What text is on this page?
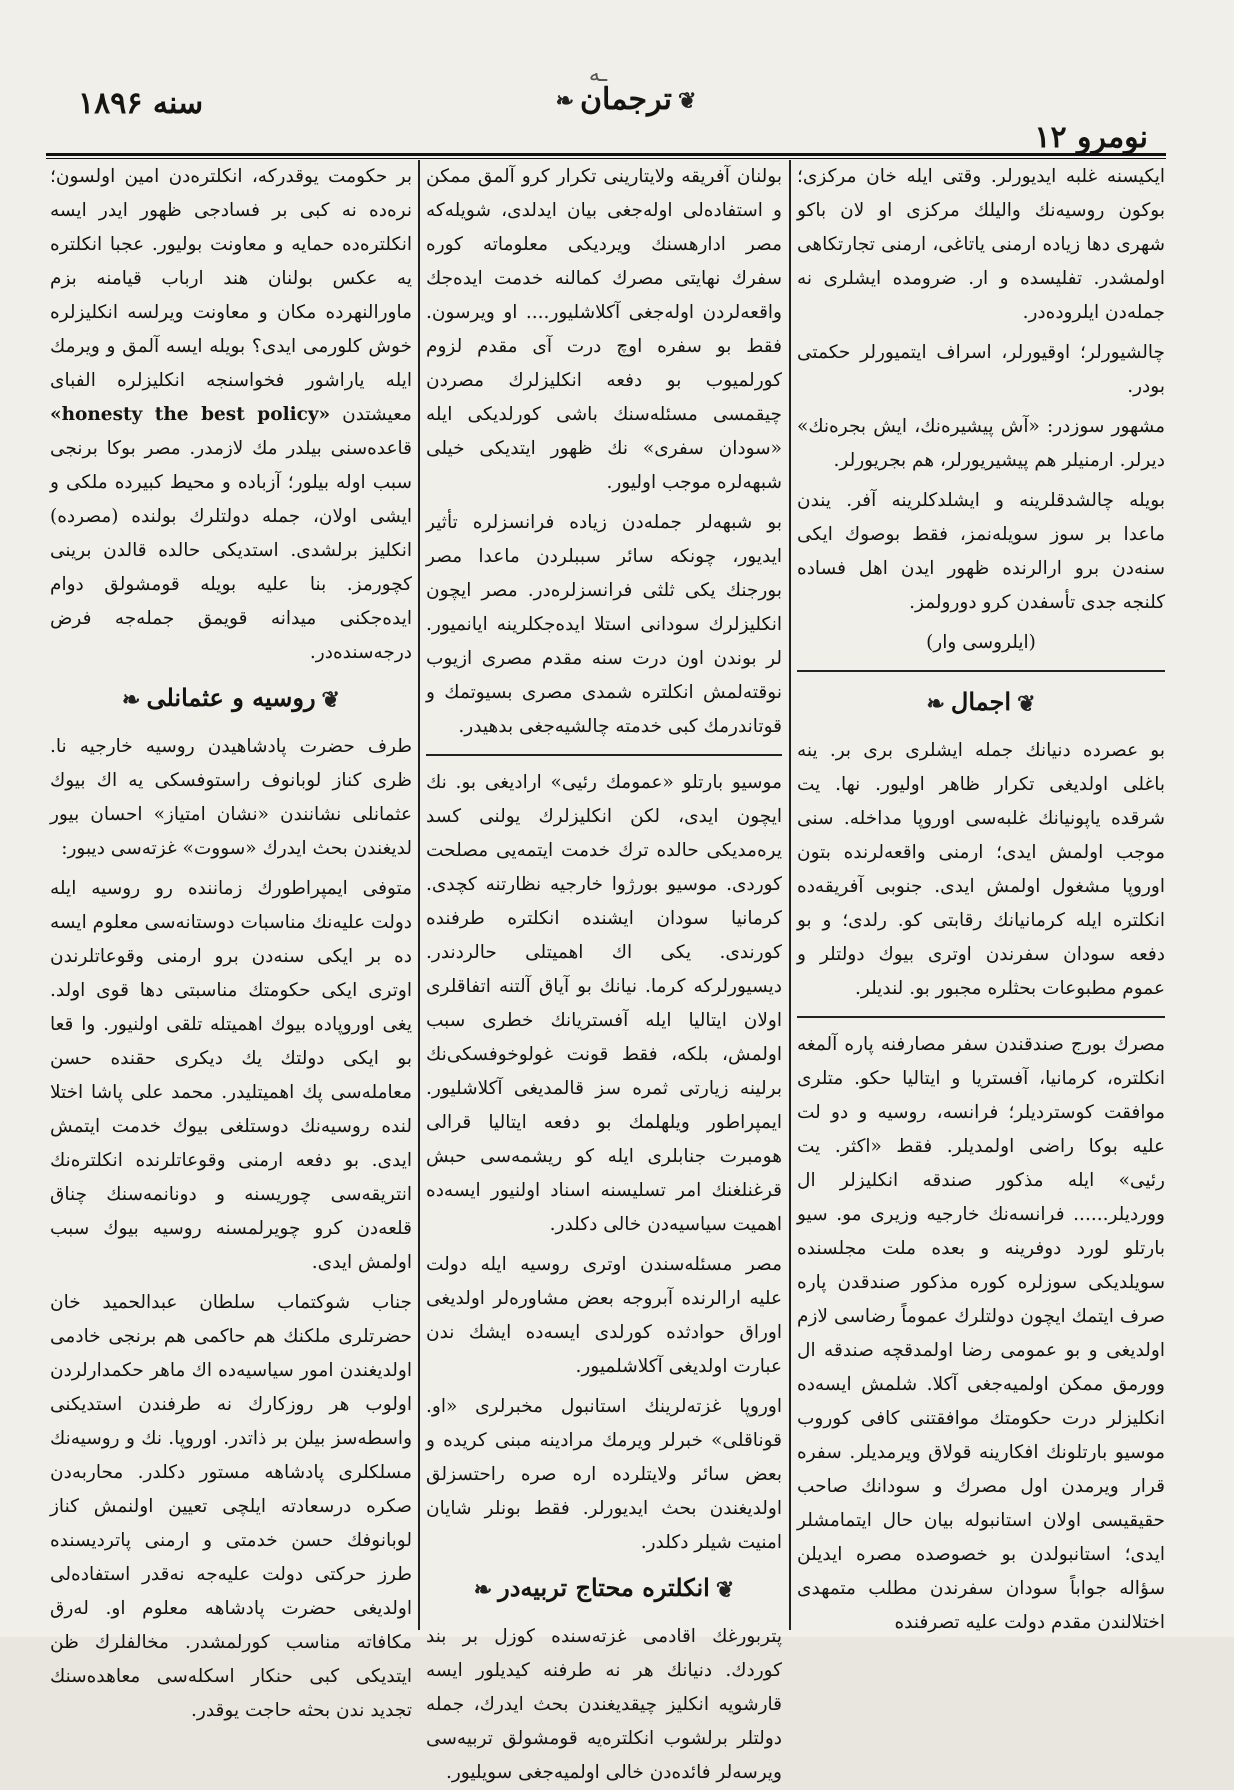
ـه
سنه ۱۸۹۶	❦ترجمان❧
نومرو ۱۲

ایکیسنه غلبه ایدیورلر. وقتی ایله خان مرکزی؛ بوکون روسیه‌نك والیلك مرکزی او لان باکو شهری دها زیاده ارمنی یاتاغی، ارمنی تجارتکاهی اولمشدر. تفلیسده و ار. ضرومده ایشلری نه جمله‌دن ایلرو‌ده‌در.

چالشیورلر؛ اوقیورلر، اسراف ایتمیورلر حکمتی بودر.

مشهور سوزدر: «آش پیشیره‌نك، ایش بجره‌نك» دیرلر. ارمنیلر هم پیشیریورلر، هم بجریورلر.

بویله چالشدقلرینه و ایشلدکلرینه آفر. یندن ماعدا بر سوز سویله‌نمز، فقط بوصوك ایکی سنه‌دن برو ارالرنده ظهور ایدن اهل فساده کلنجه جدی تأسفدن کرو دورولمز.

(ایلروسی وار)
❦اجمال❧

بو عصرده دنیانك جمله ایشلری بری بر. ینه باغلی اولدیغی تکرار ظاهر اولیور. نها. یت شرقده یاپونیانك غلبه‌سی اوروپا مداخله. سنی موجب اولمش ایدی؛ ارمنی واقعه‌لرنده بتون اوروپا مشغول اولمش ایدی. جنوبی آفریقه‌ده انکلتره ایله کرمانیانك رقابتی کو. رلدی؛ و بو دفعه سودان سفرندن اوتری بیوك دولتلر و عموم مطبوعات بحثلره مجبور بو. لندیلر.

مصرك بورج صندقندن سفر مصارفنه پاره آلمغه انکلتره، کرمانیا، آفستریا و ایتالیا حکو. متلری موافقت کوستردیلر؛ فرانسه، روسیه و دو لت علیه بوکا راضی اولمدیلر. فقط «اکثر. یت رئیی» ایله مذکور صندقه انکلیزلر ال ووردیلر...... فرانسه‌نك خارجیه وزیری مو. سیو بارتلو لورد دوفرینه و بعده ملت مجلسنده سویلدیکی سوزلره کوره مذکور صندقدن پاره صرف ایتمك ایچون دولتلرك عموماً رضاسی لازم اولدیغی و بو عمومی رضا اولمدقچه صندقه ال وورمق ممکن اولمیه‌جغی آکلا. شلمش ایسه‌ده انکلیزلر درت حکومتك موافقتنی کافی کوروب موسیو بارتلونك افکارینه قولاق ویرمدیلر. سفره قرار ویرمدن اول مصرك و سودانك صاحب حقیقیسی اولان استانبوله بیان حال ایتمامشلر ایدی؛ استانبولدن بو خصوصده مصره ایدیلن سؤاله جواباً سودان سفرندن مطلب متمهدی اختلالندن مقدم دولت علیه تصرفنده

بولنان آفریقه ولایتارینی تکرار کرو آلمق ممکن و استفاده‌لی اوله‌جغی بیان ایدلدی، شویله‌که مصر ادارهسنك ویردیکی معلوماته کوره سفرك نهایتی مصرك کمالنه خدمت ایده‌جك واقعه‌لردن اوله‌جغی آکلاشلیور.... او ویرسون. فقط بو سفره اوچ درت آی مقدم لزوم کورلمیوب بو دفعه انکلیزلرك مصردن چیقمسی مسئله‌سنك باشی کورلدیکی ایله «سودان سفری» نك ظهور ایتدیکی خیلی شبهه‌لره موجب اولیور.

بو شبهه‌لر جمله‌دن زیاده فرانسزلره تأثیر ایدیور، چونکه سائر سببلردن ماعدا مصر بورجنك یکی ثلثی فرانسزلره‌در. مصر ایچون انکلیزلرك سودانی استلا ایده‌جکلرینه ایانمیور. لر بوندن اون درت سنه مقدم مصری ازیوب نوقته‌لمش انکلتره شمدی مصری بسیوتمك و قوتاندرمك کبی خدمته چالشیه‌جغی بدهیدر.

موسیو بارتلو «عمومك رئیی» ارادیغی بو. نك ایچون ایدی، لکن انکلیزلرك یولنی کسد یره‌مدیکی حالده ترك خدمت ایتمه‌یی مصلحت کوردی. موسیو بورژوا خارجیه نظارتنه کچدی. کرمانیا سودان ایشنده انکلتره طرفنده کورندی. یکی اك اهمیتلی حالردندر. دیسیورلرکه کرما. نیانك بو آیاق آلتنه اتفاقلری اولان ایتالیا ایله آفستریانك خطری سبب اولمش، بلکه، فقط قونت غولوخوفسکی‌نك برلینه زیارتی ثمره سز قالمدیغی آکلاشلیور. ایمپراطور ویلهلمك بو دفعه ایتالیا قرالی هومبرت جنابلری ایله کو ریشمه‌سی حبش قرغنلغنك امر تسلیسنه اسناد اولنیور ایسه‌ده اهمیت سیاسیه‌دن خالی دکلدر.

مصر مسئله‌سندن اوتری روسیه ایله دولت علیه ارالرنده آبروجه بعض مشاوره‌لر اولدیغی اوراق حوادثده کورلدی ایسه‌ده ایشك ندن عبارت اولدیغی آکلاشلمیور.

اوروپا غزته‌لرینك استانبول مخبرلری «او. قوناقلی» خبرلر ویرمك مرادینه مبنی کریده و بعض سائر ولایتلرده اره صره راحتسزلق اولدیغندن بحث ایدیورلر. فقط بونلر شایان امنیت شیلر دکلدر.

❦انکلتره محتاج تربیه‌در❧

پتربورغك اقادمی غزته‌سنده کوزل بر بند کوردك. دنیانك هر نه طرفنه کیدیلور ایسه قارشویه انکلیز چیقدیغندن بحث ایدرك، جمله دولتلر برلشوب انکلتره‌یه قومشولق تربیه‌سی ویرسه‌لر فائده‌دن خالی اولمیه‌جغی سویلیور.

بر حکومت یوقدرکه، انکلتره‌دن امین اولسون؛ نره‌ده نه کبی بر فسادجی ظهور ایدر ایسه انکلتره‌ده حمایه و معاونت بولیور. عجبا انکلتره یه عکس بولنان هند ارباب قیامنه بزم ماورالنهرده مکان و معاونت ویرلسه انکلیزلره خوش کلورمی ایدی؟ بویله ایسه آلمق و ویرمك ایله یاراشور فخواسنجه انکلیزلره الفبای معیشتدن «honesty the best policy» قاعده‌سنی بیلدر مك لازمدر. مصر بوکا برنجی سبب اوله بیلور؛ آزباده و محیط کبیرده ملکی و ایشی اولان، جمله دولتلرك بولنده (مصرده) انکلیز برلشدی. استدیکی حالده قالدن برینی کچورمز. بنا علیه بویله قومشولق دوام ایده‌جکنی میدانه قویمق جمله‌جه فرض درجه‌سنده‌در.

❦روسیه و عثمانلی❧

طرف حضرت پادشاهیدن روسیه خارجیه نا. ظری کناز لوبانوف راستوفسکی یه اك بیوك عثمانلی نشانندن «نشان امتیاز» احسان بیور لدیغندن بحث ایدرك «سووت» غزته‌سی دیبور:

متوفی ایمپراطورك زماننده رو روسیه ایله دولت علیه‌نك مناسبات دوستانه‌سی معلوم ایسه ده بر ایکی سنه‌دن برو ارمنی وقوعاتلرندن اوتری ایکی حکومتك مناسبتی دها قوی اولد. یغی اوروپاده بیوك اهمیتله تلقی اولنیور. وا قعا بو ایکی دولتك یك دیکری حقنده حسن معامله‌سی پك اهمیتلیدر. محمد علی پاشا اختلا لنده روسیه‌نك دوستلغی بیوك خدمت ایتمش ایدی. بو دفعه ارمنی وقوعاتلرنده انکلتره‌نك انتریقه‌سی چوریسنه و دونانمه‌سنك چناق قلعه‌دن کرو چویرلمسنه روسیه بیوك سبب اولمش ایدی.

جناب شوکتماب سلطان عبدالحمید خان حضرتلری ملکنك هم حاکمی هم برنجی خادمی اولدیغندن امور سیاسیه‌ده اك ماهر حکمدارلردن اولوب هر روزکارك نه طرفندن استدیکنی واسطه‌سز بیلن بر ذاتدر. اوروپا. نك و روسیه‌نك مسلکلری پادشاهه مستور دکلدر. محاربه‌دن صکره درسعادته ایلچی تعیین اولنمش کناز لوبانوفك حسن خدمتی و ارمنی پاتردیسنده طرز حرکتی دولت علیه‌جه نه‌قدر استفاده‌لی اولدیغی حضرت پادشاهه معلوم او. له‌رق مکافاته مناسب کورلمشدر. مخالفلرك ظن ایتدیکی کبی حنکار اسکله‌سی معاهده‌سنك تجدید ندن بحثه حاجت یوقدر.
